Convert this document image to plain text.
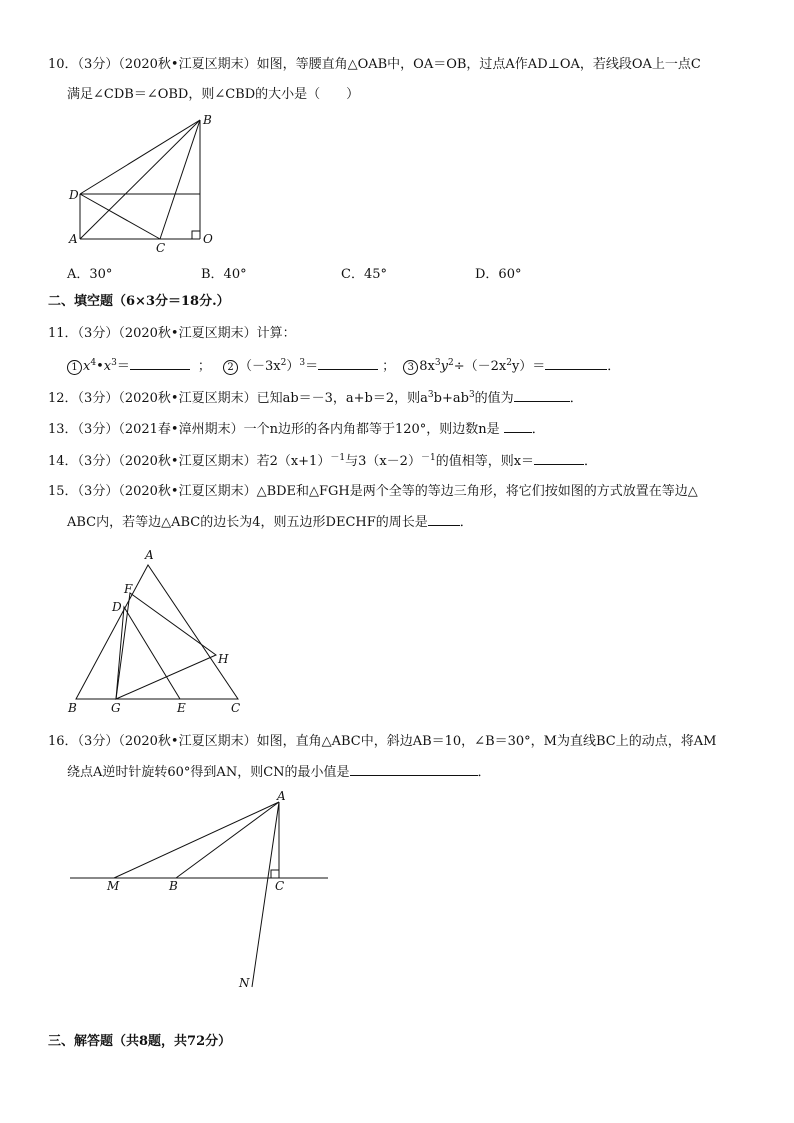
10．（3分）（2020秋•江夏区期末）如图，等腰直角△OAB中，OA＝OB，过点A作AD⊥OA，若线段OA上一点C
满足∠CDB＝∠OBD，则∠CBD的大小是（　　）
B
D
A
C
O
A．30°	B．40°	C．45°	D．60°
二、填空题（6×3分＝18分.）
11．（3分）（2020秋•江夏区期末）计算：
1 $x^4•x^3=$	； 2 $(-3x^2)^3=$	； 3 $8x^3y^2\div(-2x^2y)=$	．
12．（3分）（2020秋•江夏区期末）已知ab＝－3，a+b＝2，则$a^3b+ab^3$的值为	．
13．（3分）（2021春•漳州期末）一个n边形的各内角都等于120°，则边数n是 ．
14．（3分）（2020秋•江夏区期末）若$2(x+1)^{-1}$与$3(x-2)^{-1}$的值相等，则x＝	．
15．（3分）（2020秋•江夏区期末）△BDE和△FGH是两个全等的等边三角形，将它们按如图的方式放置在等边△
ABC内，若等边△ABC的边长为4，则五边形DECHF的周长是 ．
A
F
D
H
B	G	E	C
16．（3分）（2020秋•江夏区期末）如图，直角△ABC中，斜边AB＝10，∠B＝30°，M为直线BC上的动点，将AM
绕点A逆时针旋转60°得到AN，则CN的最小值是	．
A
M	B	C
N
三、解答题（共8题，共72分）
